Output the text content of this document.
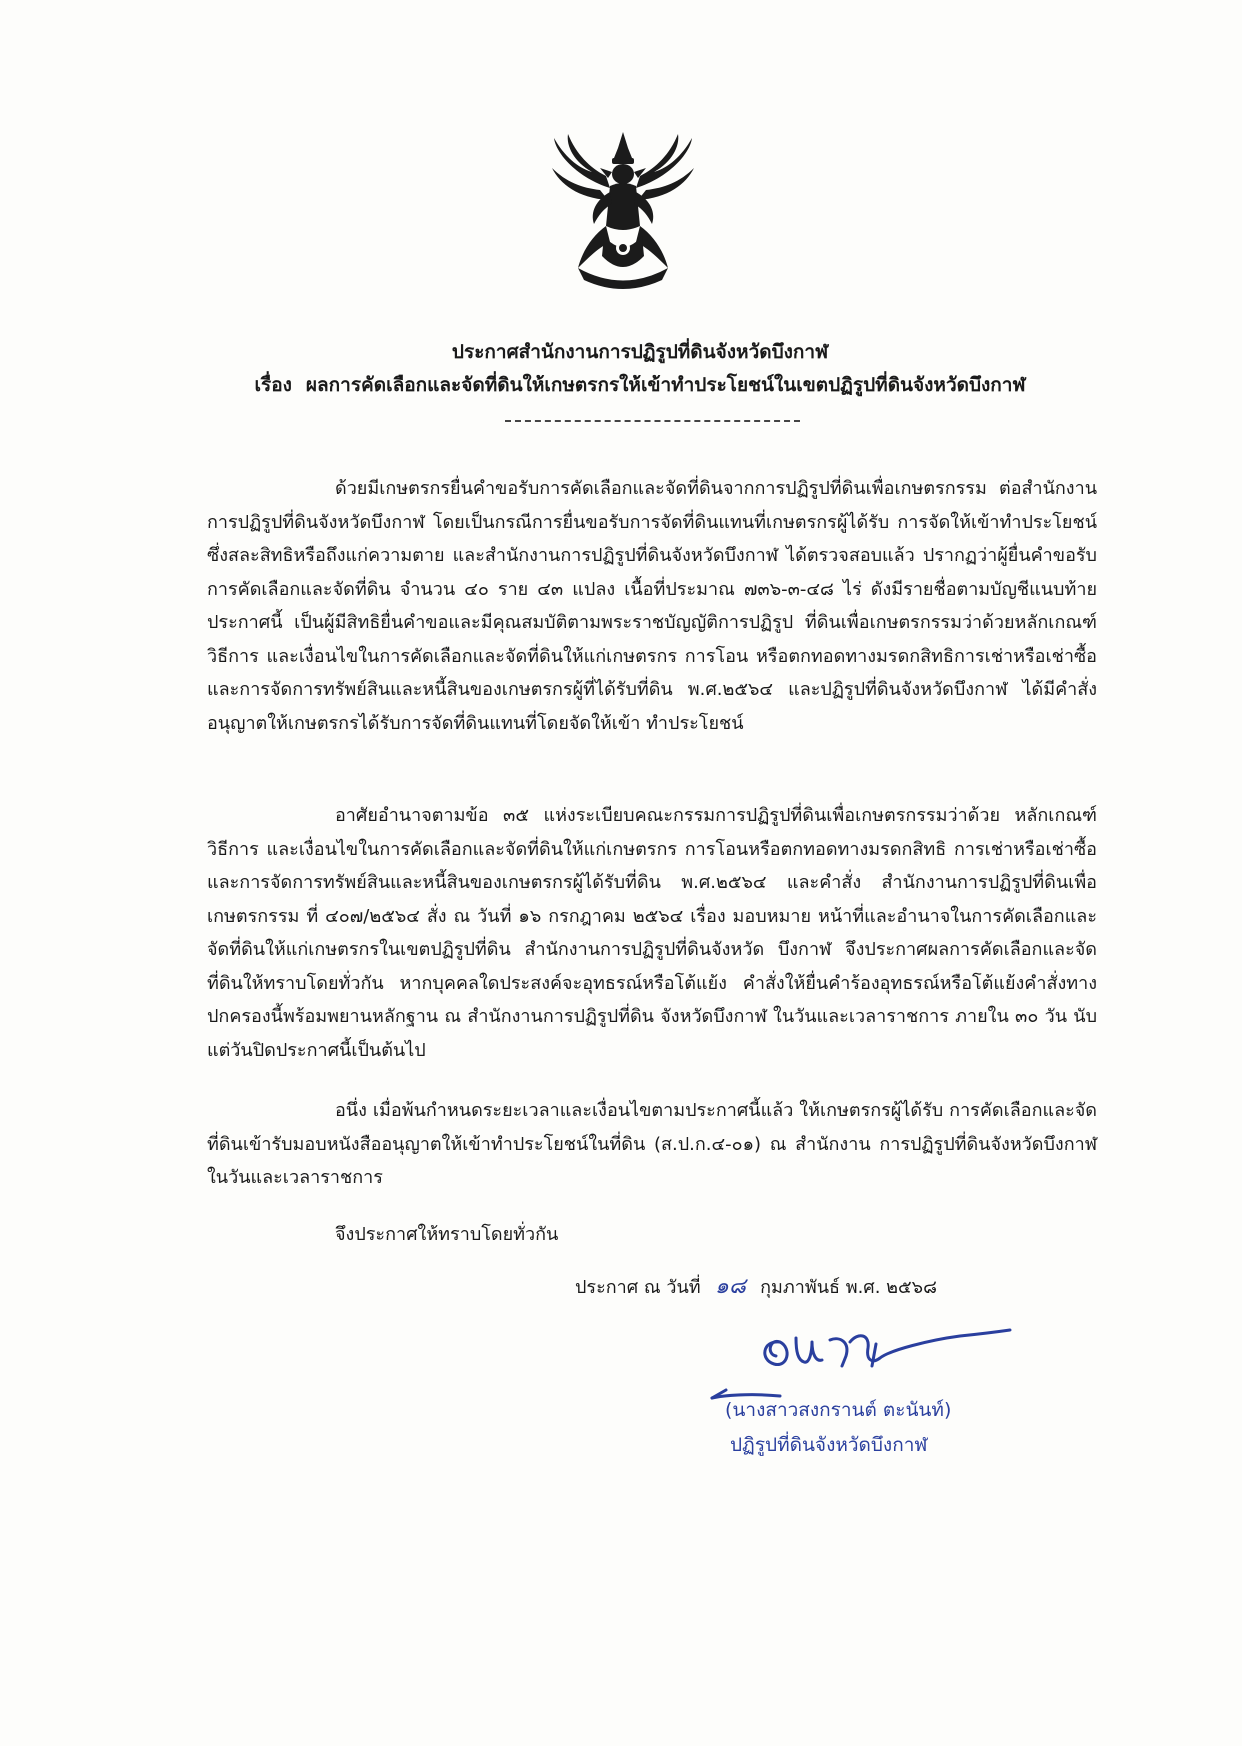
ประกาศสำนักงานการปฏิรูปที่ดินจังหวัดบึงกาฬ
เรื่อง ผลการคัดเลือกและจัดที่ดินให้เกษตรกรให้เข้าทำประโยชน์ในเขตปฏิรูปที่ดินจังหวัดบึงกาฬ
ด้วยมีเกษตรกรยื่นคำขอรับการคัดเลือกและจัดที่ดินจากการปฏิรูปที่ดินเพื่อเกษตรกรรม ต่อสำนักงานการปฏิรูปที่ดินจังหวัดบึงกาฬ โดยเป็นกรณีการยื่นขอรับการจัดที่ดินแทนที่เกษตรกรผู้ได้รับ การจัดให้เข้าทำประโยชน์ซึ่งสละสิทธิหรือถึงแก่ความตาย และสำนักงานการปฏิรูปที่ดินจังหวัดบึงกาฬ ได้ตรวจสอบแล้ว ปรากฏว่าผู้ยื่นคำขอรับการคัดเลือกและจัดที่ดิน จำนวน ๔๐ ราย ๔๓ แปลง เนื้อที่ประมาณ ๗๓๖-๓-๔๘ ไร่ ดังมีรายชื่อตามบัญชีแนบท้ายประกาศนี้ เป็นผู้มีสิทธิยื่นคำขอและมีคุณสมบัติตามพระราชบัญญัติการปฏิรูป ที่ดินเพื่อเกษตรกรรมว่าด้วยหลักเกณฑ์ วิธีการ และเงื่อนไขในการคัดเลือกและจัดที่ดินให้แก่เกษตรกร การโอน หรือตกทอดทางมรดกสิทธิการเช่าหรือเช่าซื้อ และการจัดการทรัพย์สินและหนี้สินของเกษตรกรผู้ที่ได้รับที่ดิน พ.ศ.๒๕๖๔ และปฏิรูปที่ดินจังหวัดบึงกาฬ ได้มีคำสั่งอนุญาตให้เกษตรกรได้รับการจัดที่ดินแทนที่โดยจัดให้เข้า ทำประโยชน์
อาศัยอำนาจตามข้อ ๓๕ แห่งระเบียบคณะกรรมการปฏิรูปที่ดินเพื่อเกษตรกรรมว่าด้วย หลักเกณฑ์ วิธีการ และเงื่อนไขในการคัดเลือกและจัดที่ดินให้แก่เกษตรกร การโอนหรือตกทอดทางมรดกสิทธิ การเช่าหรือเช่าซื้อและการจัดการทรัพย์สินและหนี้สินของเกษตรกรผู้ได้รับที่ดิน พ.ศ.๒๕๖๔ และคำสั่ง สำนักงานการปฏิรูปที่ดินเพื่อเกษตรกรรม ที่ ๔๐๗/๒๕๖๔ สั่ง ณ วันที่ ๑๖ กรกฎาคม ๒๕๖๔ เรื่อง มอบหมาย หน้าที่และอำนาจในการคัดเลือกและจัดที่ดินให้แก่เกษตรกรในเขตปฏิรูปที่ดิน สำนักงานการปฏิรูปที่ดินจังหวัด บึงกาฬ จึงประกาศผลการคัดเลือกและจัดที่ดินให้ทราบโดยทั่วกัน หากบุคคลใดประสงค์จะอุทธรณ์หรือโต้แย้ง คำสั่งให้ยื่นคำร้องอุทธรณ์หรือโต้แย้งคำสั่งทางปกครองนี้พร้อมพยานหลักฐาน ณ สำนักงานการปฏิรูปที่ดิน จังหวัดบึงกาฬ ในวันและเวลาราชการ ภายใน ๓๐ วัน นับแต่วันปิดประกาศนี้เป็นต้นไป
อนึ่ง เมื่อพ้นกำหนดระยะเวลาและเงื่อนไขตามประกาศนี้แล้ว ให้เกษตรกรผู้ได้รับ การคัดเลือกและจัดที่ดินเข้ารับมอบหนังสืออนุญาตให้เข้าทำประโยชน์ในที่ดิน (ส.ป.ก.๔-๐๑) ณ สำนักงาน การปฏิรูปที่ดินจังหวัดบึงกาฬ ในวันและเวลาราชการ
จึงประกาศให้ทราบโดยทั่วกัน
ประกาศ ณ วันที่ ๑๘ กุมภาพันธ์ พ.ศ. ๒๕๖๘
(นางสาวสงกรานต์ ตะนันท์)
ปฏิรูปที่ดินจังหวัดบึงกาฬ
